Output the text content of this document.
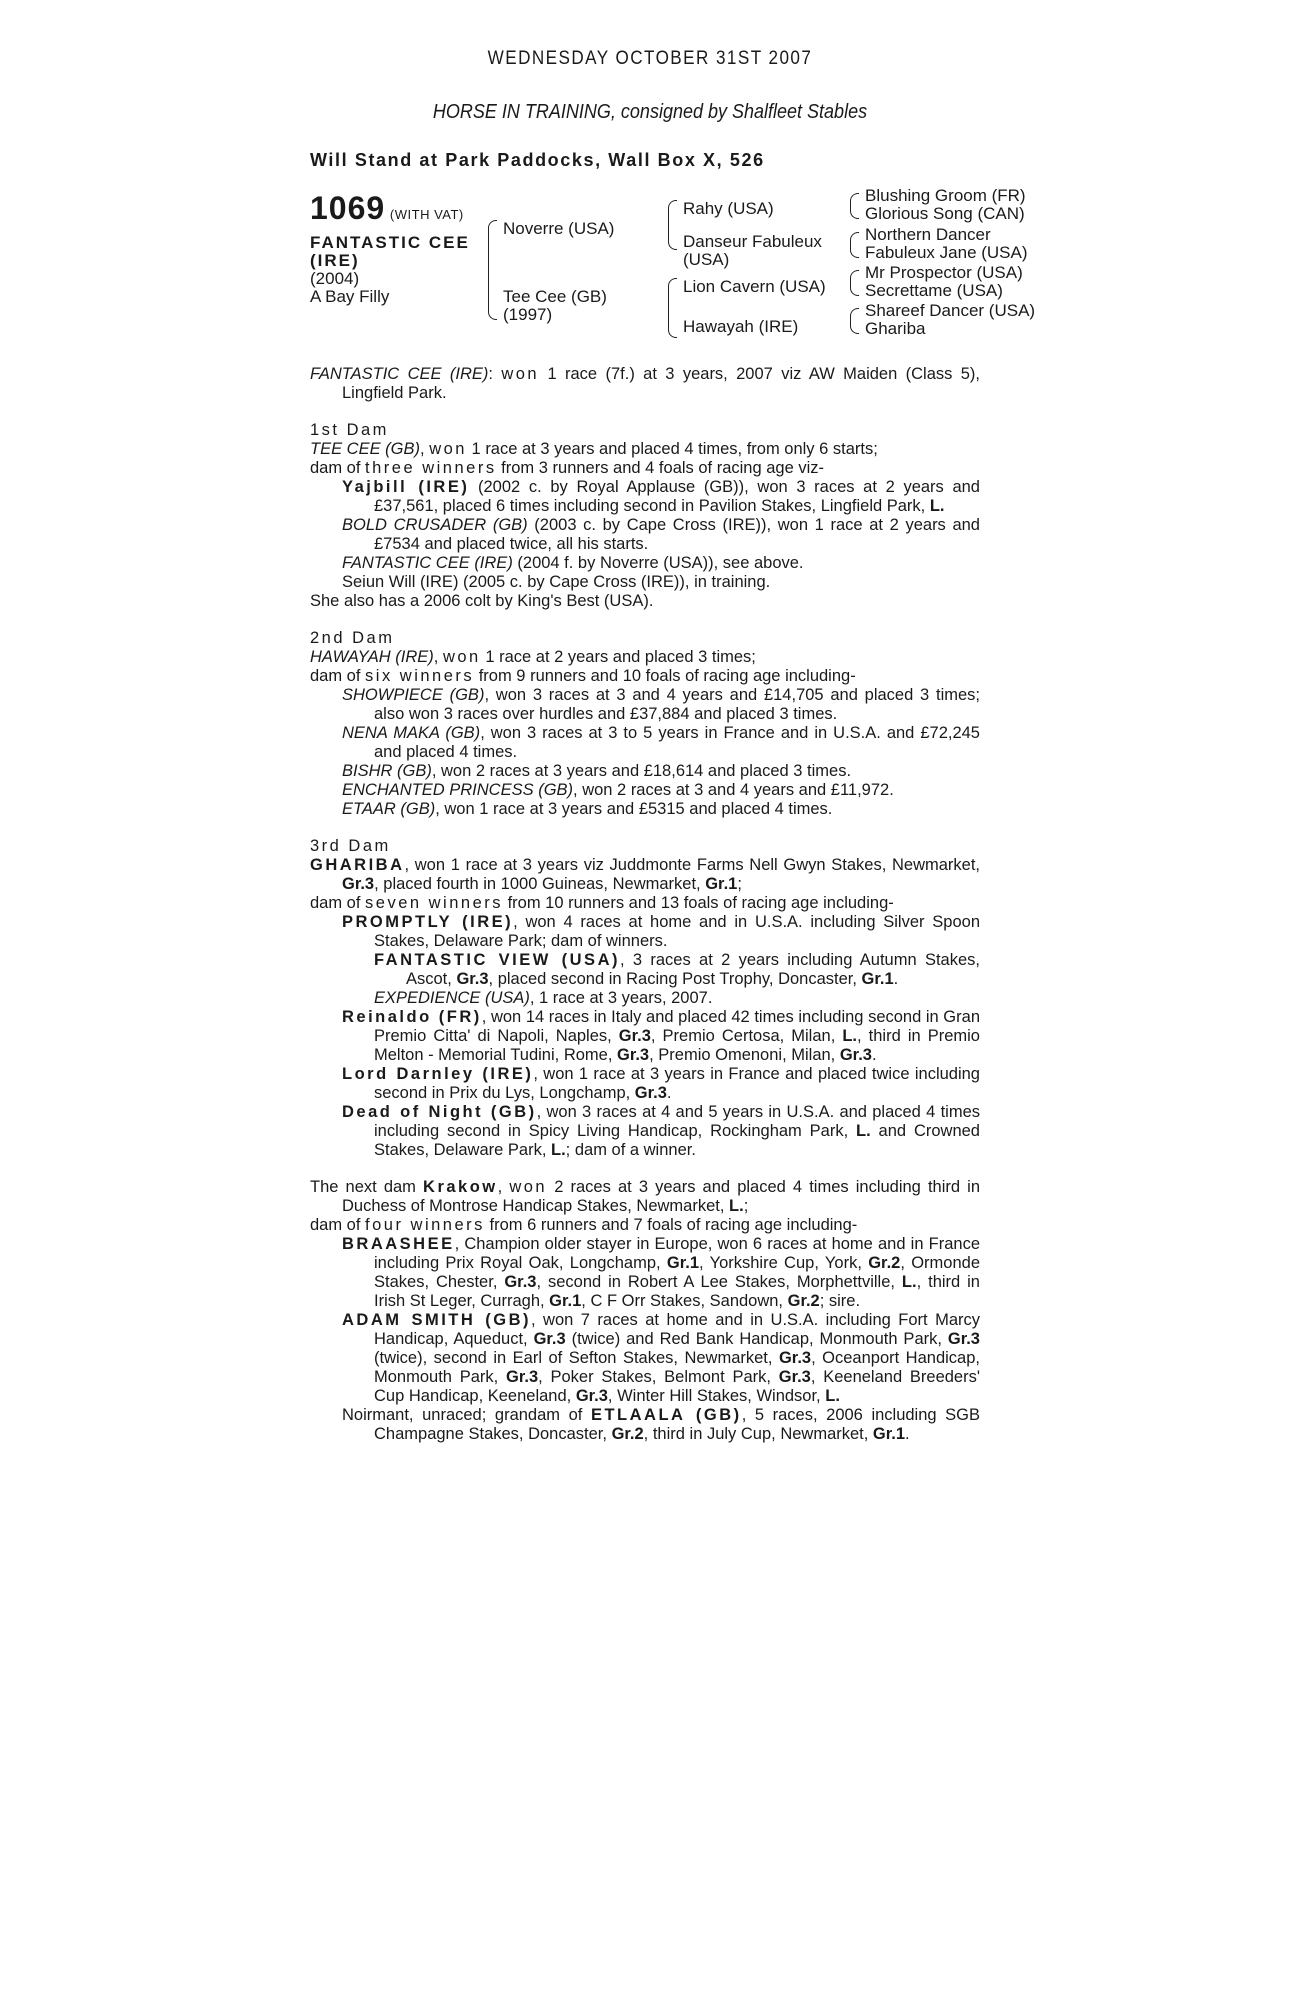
WEDNESDAY OCTOBER 31ST 2007
HORSE IN TRAINING, consigned by Shalfleet Stables
Will Stand at Park Paddocks, Wall Box X, 526
1069 (WITH VAT)
FANTASTIC CEE
(IRE)
(2004)
A Bay Filly
Noverre (USA)
Tee Cee (GB)
(1997)
Rahy (USA)
Danseur Fabuleux
(USA)
Lion Cavern (USA)
Hawayah (IRE)
Blushing Groom (FR)
Glorious Song (CAN)
Northern Dancer
Fabuleux Jane (USA)
Mr Prospector (USA)
Secrettame (USA)
Shareef Dancer (USA)
Ghariba

FANTASTIC CEE (IRE): won 1 race (7f.) at 3 years, 2007 viz AW Maiden (Class 5), Lingfield Park.

1st Dam

TEE CEE (GB), won 1 race at 3 years and placed 4 times, from only 6 starts;

dam of three winners from 3 runners and 4 foals of racing age viz-

Yajbill (IRE) (2002 c. by Royal Applause (GB)), won 3 races at 2 years and £37,561, placed 6 times including second in Pavilion Stakes, Lingfield Park, L.

BOLD CRUSADER (GB) (2003 c. by Cape Cross (IRE)), won 1 race at 2 years and £7534 and placed twice, all his starts.

FANTASTIC CEE (IRE) (2004 f. by Noverre (USA)), see above.

Seiun Will (IRE) (2005 c. by Cape Cross (IRE)), in training.

She also has a 2006 colt by King's Best (USA).

2nd Dam

HAWAYAH (IRE), won 1 race at 2 years and placed 3 times;

dam of six winners from 9 runners and 10 foals of racing age including-

SHOWPIECE (GB), won 3 races at 3 and 4 years and £14,705 and placed 3 times; also won 3 races over hurdles and £37,884 and placed 3 times.

NENA MAKA (GB), won 3 races at 3 to 5 years in France and in U.S.A. and £72,245 and placed 4 times.

BISHR (GB), won 2 races at 3 years and £18,614 and placed 3 times.

ENCHANTED PRINCESS (GB), won 2 races at 3 and 4 years and £11,972.

ETAAR (GB), won 1 race at 3 years and £5315 and placed 4 times.

3rd Dam

GHARIBA, won 1 race at 3 years viz Juddmonte Farms Nell Gwyn Stakes, Newmarket, Gr.3, placed fourth in 1000 Guineas, Newmarket, Gr.1;

dam of seven winners from 10 runners and 13 foals of racing age including-

PROMPTLY (IRE), won 4 races at home and in U.S.A. including Silver Spoon Stakes, Delaware Park; dam of winners.

FANTASTIC VIEW (USA), 3 races at 2 years including Autumn Stakes, Ascot, Gr.3, placed second in Racing Post Trophy, Doncaster, Gr.1.

EXPEDIENCE (USA), 1 race at 3 years, 2007.

Reinaldo (FR), won 14 races in Italy and placed 42 times including second in Gran Premio Citta' di Napoli, Naples, Gr.3, Premio Certosa, Milan, L., third in Premio Melton - Memorial Tudini, Rome, Gr.3, Premio Omenoni, Milan, Gr.3.

Lord Darnley (IRE), won 1 race at 3 years in France and placed twice including second in Prix du Lys, Longchamp, Gr.3.

Dead of Night (GB), won 3 races at 4 and 5 years in U.S.A. and placed 4 times including second in Spicy Living Handicap, Rockingham Park, L. and Crowned Stakes, Delaware Park, L.; dam of a winner.

The next dam Krakow, won 2 races at 3 years and placed 4 times including third in Duchess of Montrose Handicap Stakes, Newmarket, L.;

dam of four winners from 6 runners and 7 foals of racing age including-

BRAASHEE, Champion older stayer in Europe, won 6 races at home and in France including Prix Royal Oak, Longchamp, Gr.1, Yorkshire Cup, York, Gr.2, Ormonde Stakes, Chester, Gr.3, second in Robert A Lee Stakes, Morphettville, L., third in Irish St Leger, Curragh, Gr.1, C F Orr Stakes, Sandown, Gr.2; sire.

ADAM SMITH (GB), won 7 races at home and in U.S.A. including Fort Marcy Handicap, Aqueduct, Gr.3 (twice) and Red Bank Handicap, Monmouth Park, Gr.3 (twice), second in Earl of Sefton Stakes, Newmarket, Gr.3, Oceanport Handicap, Monmouth Park, Gr.3, Poker Stakes, Belmont Park, Gr.3, Keeneland Breeders' Cup Handicap, Keeneland, Gr.3, Winter Hill Stakes, Windsor, L.

Noirmant, unraced; grandam of ETLAALA (GB), 5 races, 2006 including SGB Champagne Stakes, Doncaster, Gr.2, third in July Cup, Newmarket, Gr.1.
